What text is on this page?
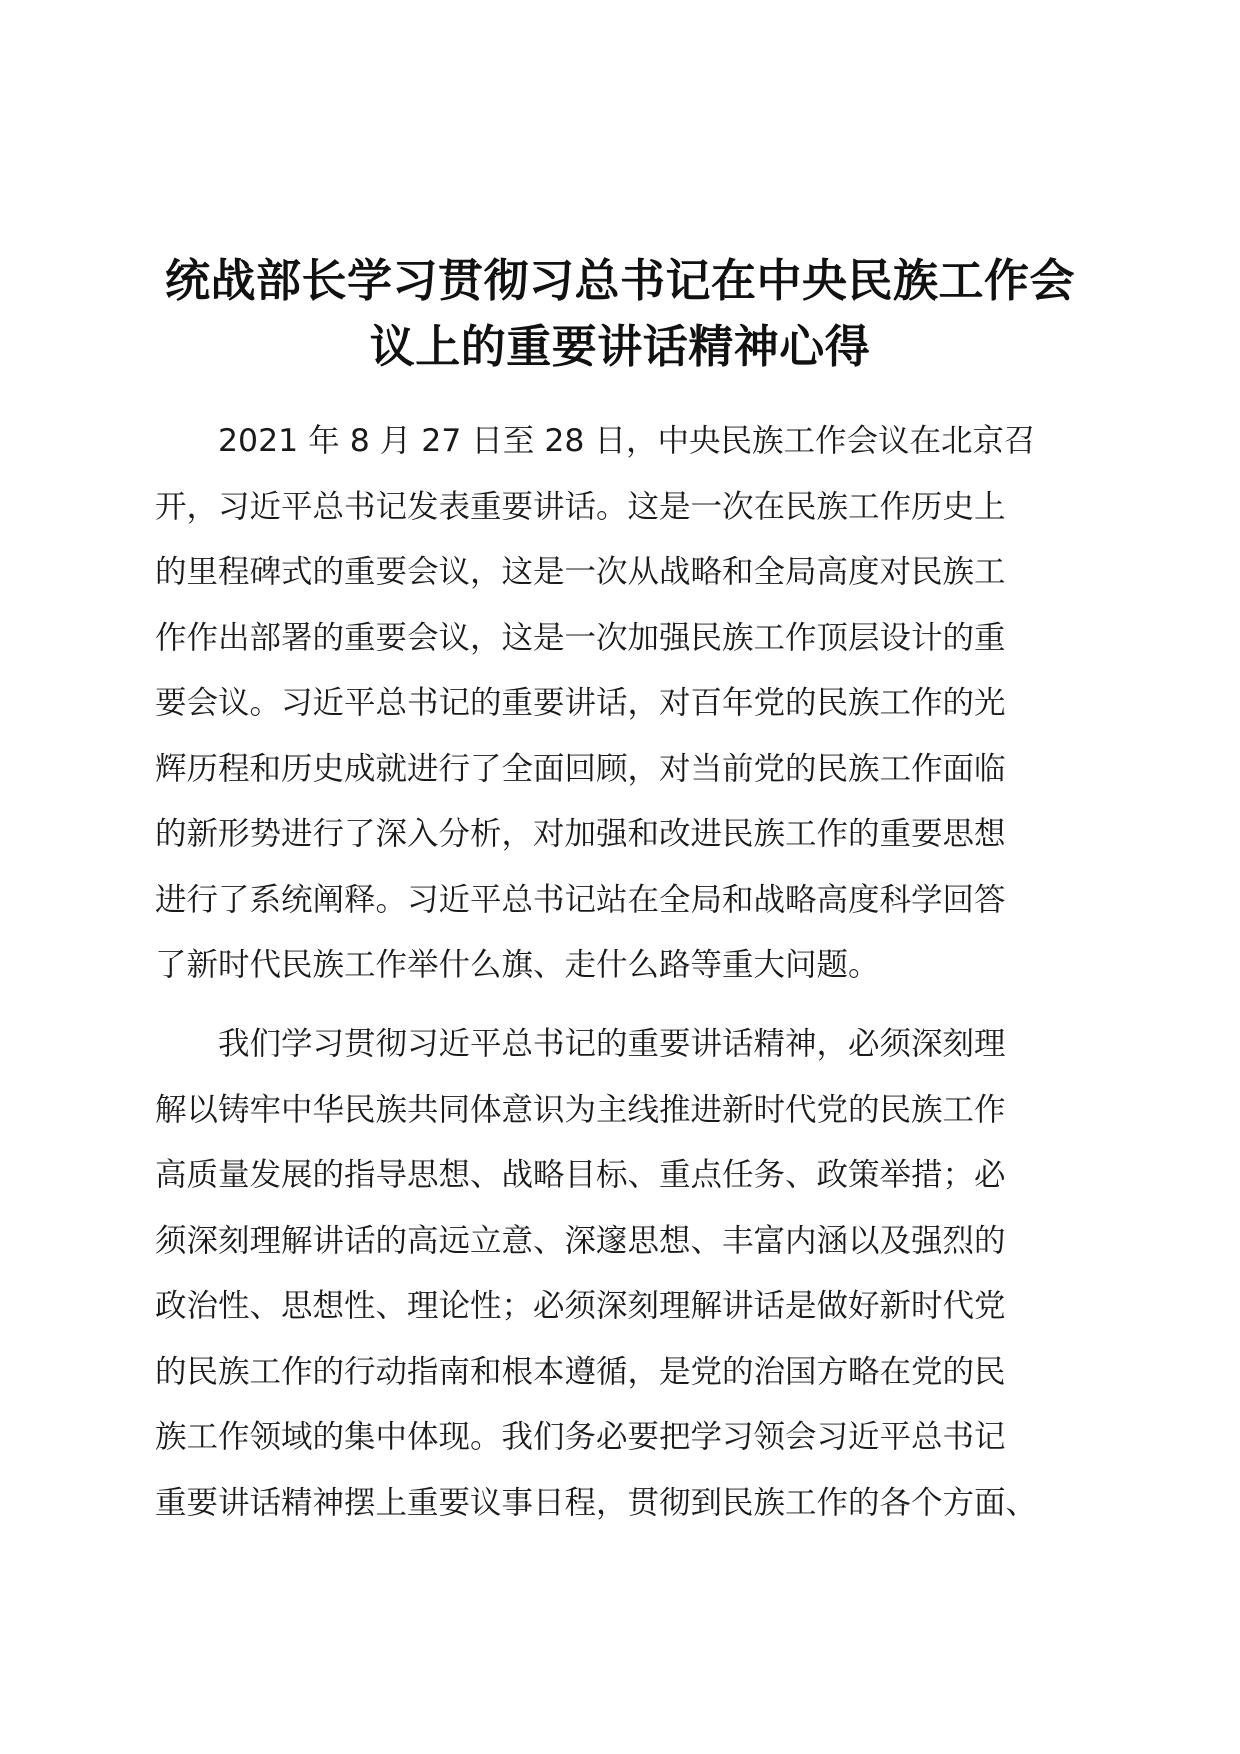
统战部长学习贯彻习总书记在中央民族工作会
议上的重要讲话精神心得

2021 年 8 月 27 日至 28 日，中央民族工作会议在北京召
开，习近平总书记发表重要讲话。这是一次在民族工作历史上
的里程碑式的重要会议，这是一次从战略和全局高度对民族工
作作出部署的重要会议，这是一次加强民族工作顶层设计的重
要会议。习近平总书记的重要讲话，对百年党的民族工作的光
辉历程和历史成就进行了全面回顾，对当前党的民族工作面临
的新形势进行了深入分析，对加强和改进民族工作的重要思想
进行了系统阐释。习近平总书记站在全局和战略高度科学回答
了新时代民族工作举什么旗、走什么路等重大问题。

我们学习贯彻习近平总书记的重要讲话精神，必须深刻理
解以铸牢中华民族共同体意识为主线推进新时代党的民族工作
高质量发展的指导思想、战略目标、重点任务、政策举措；必
须深刻理解讲话的高远立意、深邃思想、丰富内涵以及强烈的
政治性、思想性、理论性；必须深刻理解讲话是做好新时代党
的民族工作的行动指南和根本遵循，是党的治国方略在党的民
族工作领域的集中体现。我们务必要把学习领会习近平总书记
重要讲话精神摆上重要议事日程，贯彻到民族工作的各个方面、
